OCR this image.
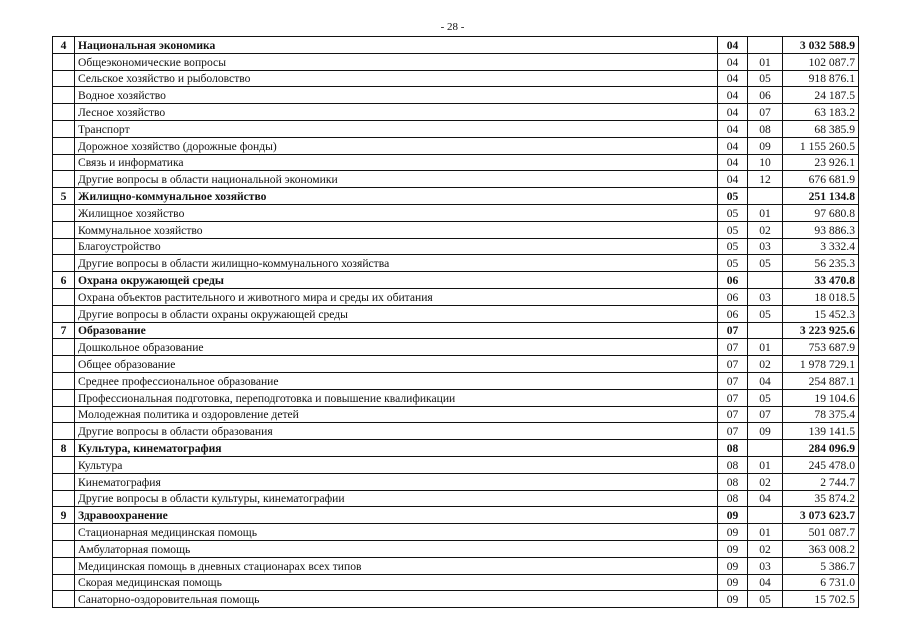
- 28 -
4	Национальная экономика	04		3 032 588.9
	Общеэкономические вопросы	04	01	102 087.7
	Сельское хозяйство и рыболовство	04	05	918 876.1
	Водное хозяйство	04	06	24 187.5
	Лесное хозяйство	04	07	63 183.2
	Транспорт	04	08	68 385.9
	Дорожное хозяйство (дорожные фонды)	04	09	1 155 260.5
	Связь и информатика	04	10	23 926.1
	Другие вопросы в области национальной экономики	04	12	676 681.9
5	Жилищно-коммунальное хозяйство	05		251 134.8
	Жилищное хозяйство	05	01	97 680.8
	Коммунальное хозяйство	05	02	93 886.3
	Благоустройство	05	03	3 332.4
	Другие вопросы в области жилищно-коммунального хозяйства	05	05	56 235.3
6	Охрана окружающей среды	06		33 470.8
	Охрана объектов растительного и животного мира и среды их обитания	06	03	18 018.5
	Другие вопросы в области охраны окружающей среды	06	05	15 452.3
7	Образование	07		3 223 925.6
	Дошкольное образование	07	01	753 687.9
	Общее образование	07	02	1 978 729.1
	Среднее профессиональное образование	07	04	254 887.1
	Профессиональная подготовка, переподготовка и повышение квалификации	07	05	19 104.6
	Молодежная политика и оздоровление детей	07	07	78 375.4
	Другие вопросы в области образования	07	09	139 141.5
8	Культура, кинематография	08		284 096.9
	Культура	08	01	245 478.0
	Кинематография	08	02	2 744.7
	Другие вопросы в области культуры, кинематографии	08	04	35 874.2
9	Здравоохранение	09		3 073 623.7
	Стационарная медицинская помощь	09	01	501 087.7
	Амбулаторная помощь	09	02	363 008.2
	Медицинская помощь в дневных стационарах всех типов	09	03	5 386.7
	Скорая медицинская помощь	09	04	6 731.0
	Санаторно-оздоровительная помощь	09	05	15 702.5
